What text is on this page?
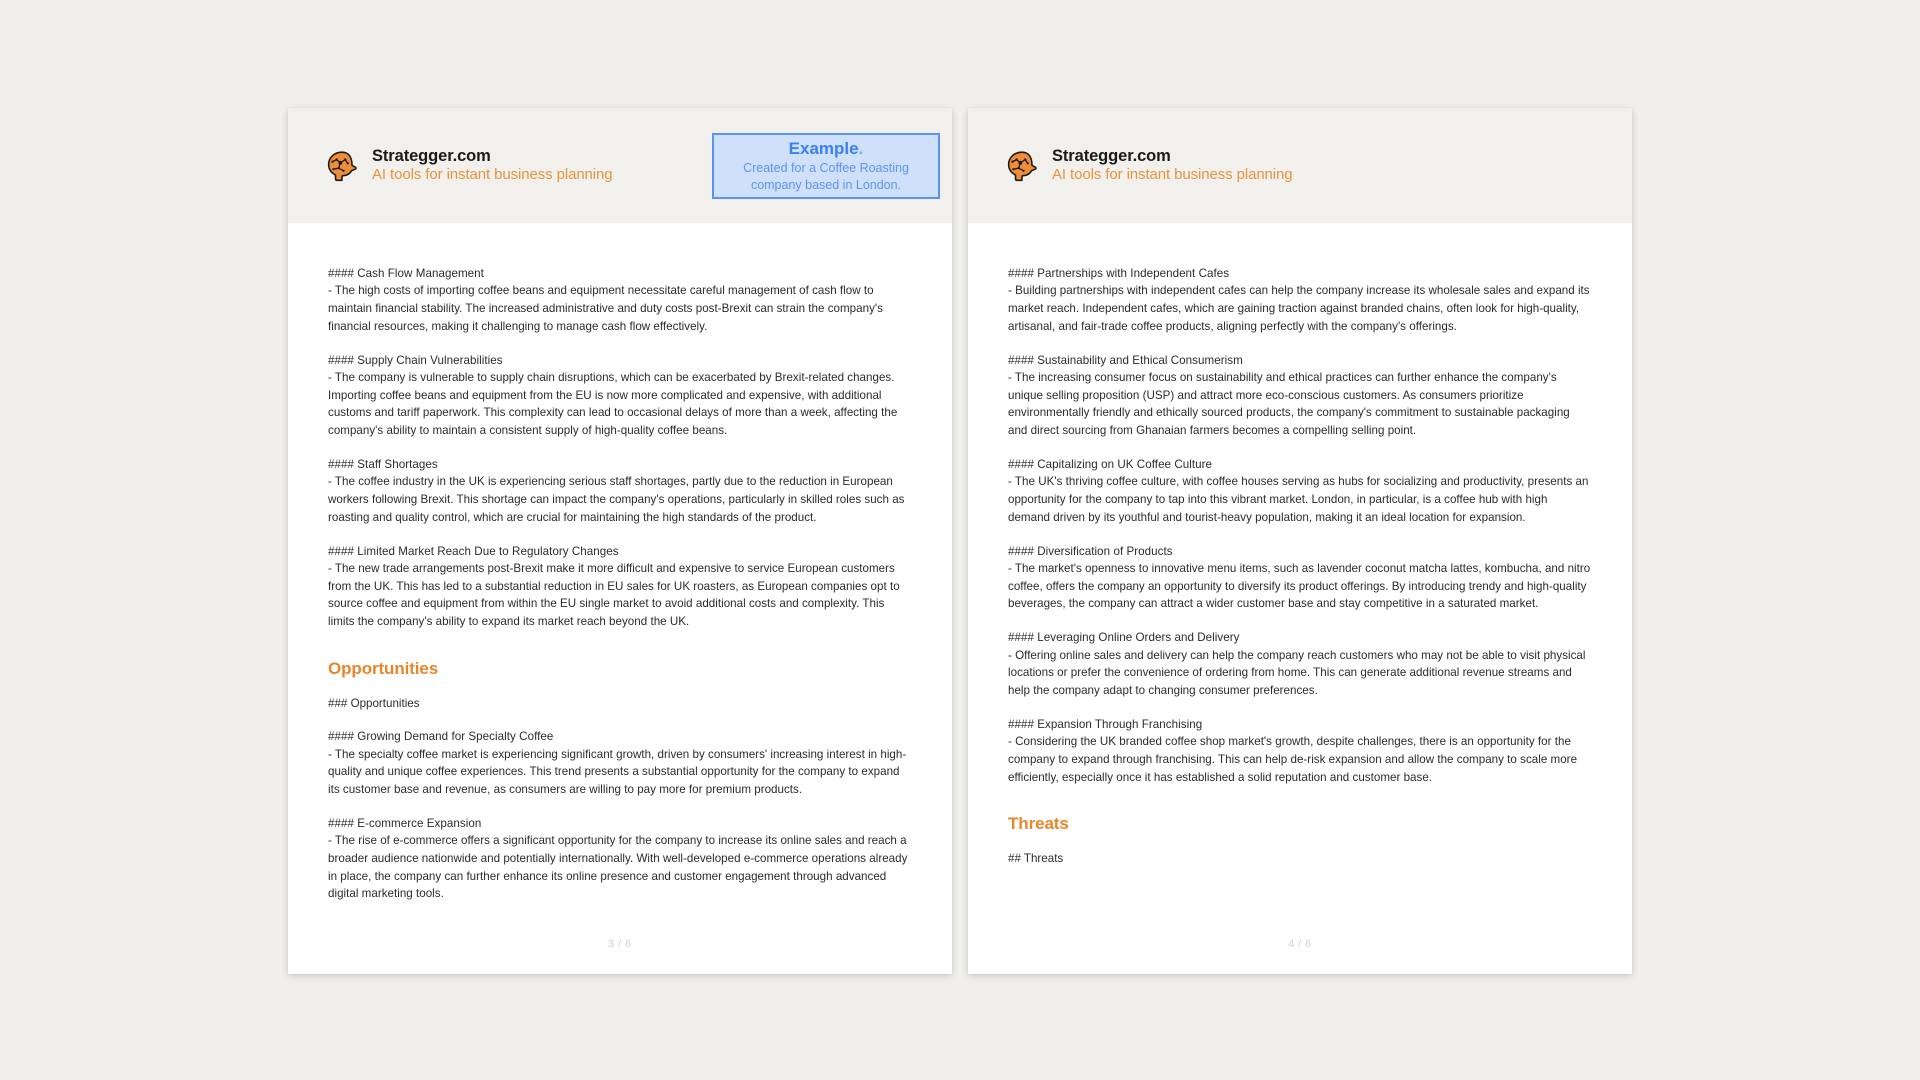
Strategger.com
AI tools for instant business planning
Example.
Created for a Coffee Roasting company based in London.
#### Cash Flow Management
- The high costs of importing coffee beans and equipment necessitate careful management of cash flow to maintain financial stability. The increased administrative and duty costs post-Brexit can strain the company's financial resources, making it challenging to manage cash flow effectively.
#### Supply Chain Vulnerabilities
- The company is vulnerable to supply chain disruptions, which can be exacerbated by Brexit-related changes. Importing coffee beans and equipment from the EU is now more complicated and expensive, with additional customs and tariff paperwork. This complexity can lead to occasional delays of more than a week, affecting the company's ability to maintain a consistent supply of high-quality coffee beans.
#### Staff Shortages
- The coffee industry in the UK is experiencing serious staff shortages, partly due to the reduction in European workers following Brexit. This shortage can impact the company's operations, particularly in skilled roles such as roasting and quality control, which are crucial for maintaining the high standards of the product.
#### Limited Market Reach Due to Regulatory Changes
- The new trade arrangements post-Brexit make it more difficult and expensive to service European customers from the UK. This has led to a substantial reduction in EU sales for UK roasters, as European companies opt to source coffee and equipment from within the EU single market to avoid additional costs and complexity. This limits the company's ability to expand its market reach beyond the UK.
Opportunities
### Opportunities
#### Growing Demand for Specialty Coffee
- The specialty coffee market is experiencing significant growth, driven by consumers' increasing interest in high-quality and unique coffee experiences. This trend presents a substantial opportunity for the company to expand its customer base and revenue, as consumers are willing to pay more for premium products.
#### E-commerce Expansion
- The rise of e-commerce offers a significant opportunity for the company to increase its online sales and reach a broader audience nationwide and potentially internationally. With well-developed e-commerce operations already in place, the company can further enhance its online presence and customer engagement through advanced digital marketing tools.
3 / 6
Strategger.com
AI tools for instant business planning
#### Partnerships with Independent Cafes
- Building partnerships with independent cafes can help the company increase its wholesale sales and expand its market reach. Independent cafes, which are gaining traction against branded chains, often look for high-quality, artisanal, and fair-trade coffee products, aligning perfectly with the company's offerings.
#### Sustainability and Ethical Consumerism
- The increasing consumer focus on sustainability and ethical practices can further enhance the company's unique selling proposition (USP) and attract more eco-conscious customers. As consumers prioritize environmentally friendly and ethically sourced products, the company's commitment to sustainable packaging and direct sourcing from Ghanaian farmers becomes a compelling selling point.
#### Capitalizing on UK Coffee Culture
- The UK's thriving coffee culture, with coffee houses serving as hubs for socializing and productivity, presents an opportunity for the company to tap into this vibrant market. London, in particular, is a coffee hub with high demand driven by its youthful and tourist-heavy population, making it an ideal location for expansion.
#### Diversification of Products
- The market's openness to innovative menu items, such as lavender coconut matcha lattes, kombucha, and nitro coffee, offers the company an opportunity to diversify its product offerings. By introducing trendy and high-quality beverages, the company can attract a wider customer base and stay competitive in a saturated market.
#### Leveraging Online Orders and Delivery
- Offering online sales and delivery can help the company reach customers who may not be able to visit physical locations or prefer the convenience of ordering from home. This can generate additional revenue streams and help the company adapt to changing consumer preferences.
#### Expansion Through Franchising
- Considering the UK branded coffee shop market's growth, despite challenges, there is an opportunity for the company to expand through franchising. This can help de-risk expansion and allow the company to scale more efficiently, especially once it has established a solid reputation and customer base.
Threats
## Threats
4 / 6
